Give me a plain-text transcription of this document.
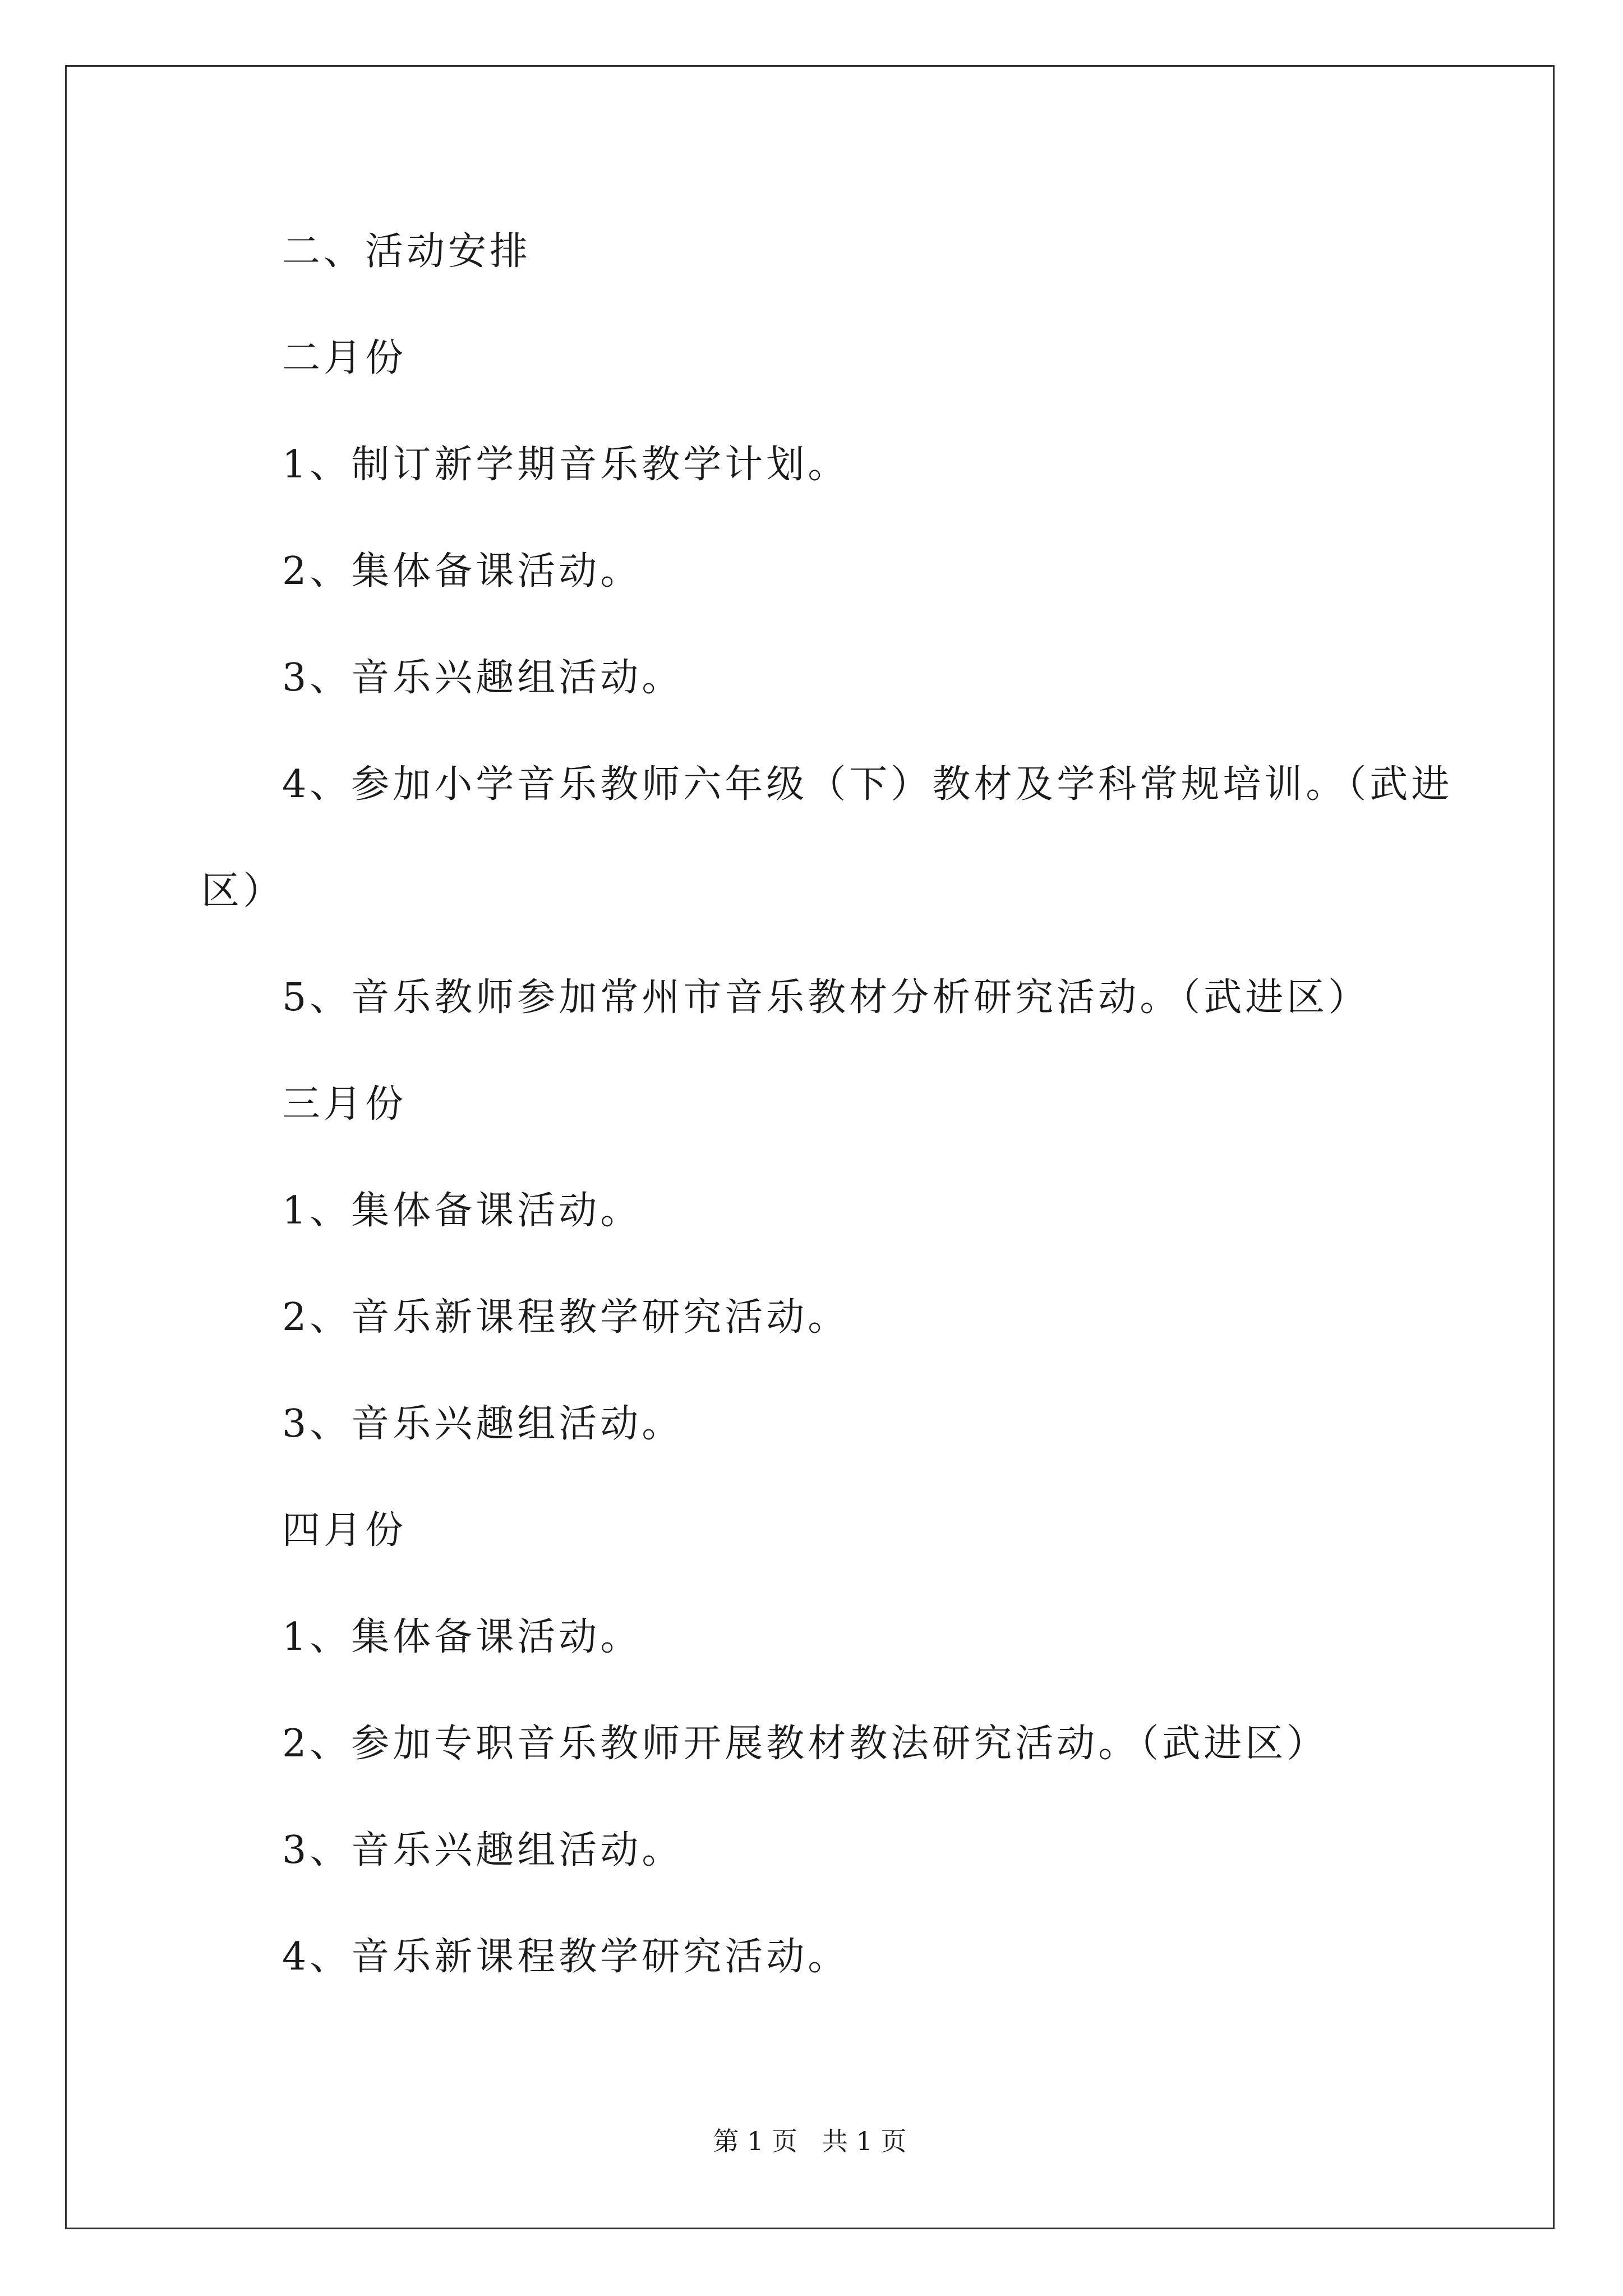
二、活动安排
二月份
1、制订新学期音乐教学计划。
2、集体备课活动。
3、音乐兴趣组活动。
4、参加小学音乐教师六年级（下）教材及学科常规培训。（武进
区）
5、音乐教师参加常州市音乐教材分析研究活动。（武进区）
三月份
1、集体备课活动。
2、音乐新课程教学研究活动。
3、音乐兴趣组活动。
四月份
1、集体备课活动。
2、参加专职音乐教师开展教材教法研究活动。（武进区）
3、音乐兴趣组活动。
4、音乐新课程教学研究活动。
第 1 页   共 1 页
